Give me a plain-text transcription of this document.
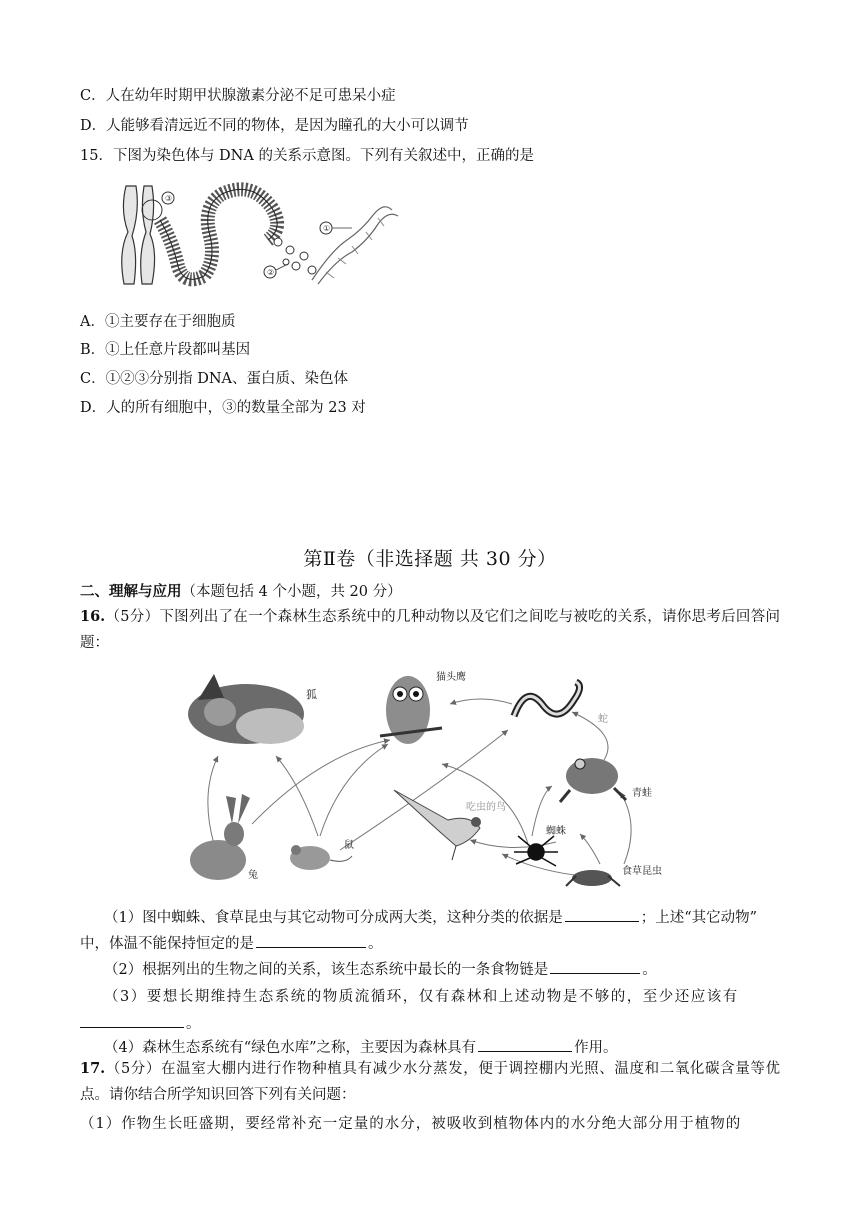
C．人在幼年时期甲状腺激素分泌不足可患呆小症
D．人能够看清远近不同的物体，是因为瞳孔的大小可以调节
15．下图为染色体与 DNA 的关系示意图。下列有关叙述中，正确的是
③
①
②
A．①主要存在于细胞质
B．①上任意片段都叫基因
C．①②③分别指 DNA、蛋白质、染色体
D．人的所有细胞中，③的数量全部为 23 对
第Ⅱ卷（非选择题 共 30 分）
二、理解与应用（本题包括 4 个小题，共 20 分）
16.（5分）下图列出了在一个森林生态系统中的几种动物以及它们之间吃与被吃的关系，请你思考后回答问题：
狐
猫头鹰
蛇
青蛙
吃虫的鸟
蜘蛛
食草昆虫
兔
鼠
（1）图中蜘蛛、食草昆虫与其它动物可分成两大类，这种分类的依据是	；上述“其它动物”
中，体温不能保持恒定的是	。
（2）根据列出的生物之间的关系，该生态系统中最长的一条食物链是	。
（3）要想长期维持生态系统的物质流循环，仅有森林和上述动物是不够的，至少还应该有
。
（4）森林生态系统有“绿色水库”之称，主要因为森林具有	作用。
17.（5分）在温室大棚内进行作物种植具有减少水分蒸发，便于调控棚内光照、温度和二氧化碳含量等优点。请你结合所学知识回答下列有关问题：
（1）作物生长旺盛期，要经常补充一定量的水分，被吸收到植物体内的水分绝大部分用于植物的
